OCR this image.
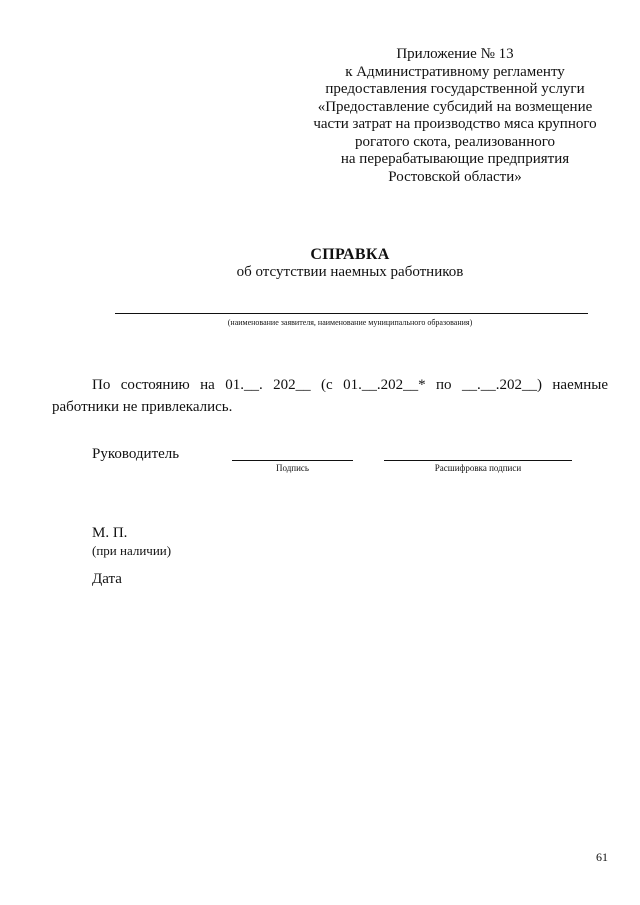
Приложение № 13
к Административному регламенту
предоставления государственной услуги
«Предоставление субсидий на возмещение
части затрат на производство мяса крупного
рогатого скота, реализованного
на перерабатывающие предприятия
Ростовской области»
СПРАВКА
об отсутствии наемных работников
(наименование заявителя, наименование муниципального образования)
По состоянию на 01.__. 202__ (с 01.__.202__* по __.__.202__) наемные
работники не привлекались.
Руководитель
Подпись	Расшифровка подписи
М. П.
(при наличии)
Дата
61
